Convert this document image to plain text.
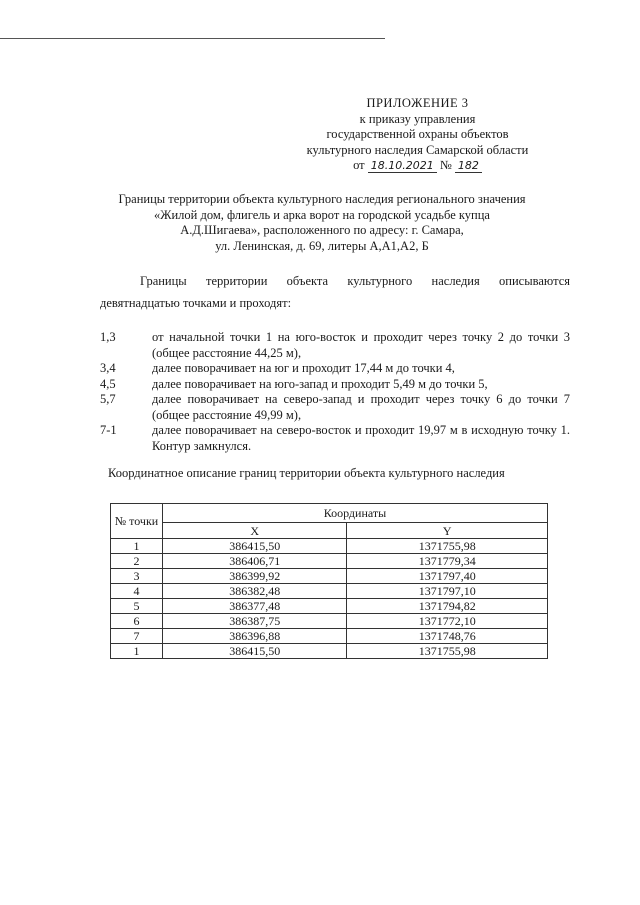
ПРИЛОЖЕНИЕ 3
к приказу управления
государственной охраны объектов
культурного наследия Самарской области
от 18.10.2021 № 182
Границы территории объекта культурного наследия регионального значения
«Жилой дом, флигель и арка ворот на городской усадьбе купца
А.Д.Шигаева», расположенного по адресу: г. Самара,
ул. Ленинская, д. 69, литеры А,А1,А2, Б
Границы территории объекта культурного наследия описываются
девятнадцатью точками и проходят:
1,3	от начальной точки 1 на юго-восток и проходит через точку 2 до точки 3 (общее расстояние 44,25 м),
3,4	далее поворачивает на юг и проходит 17,44 м до точки 4,
4,5	далее поворачивает на юго-запад и проходит 5,49 м до точки 5,
5,7	далее поворачивает на северо-запад и проходит через точку 6 до точки 7 (общее расстояние 49,99 м),
7-1	далее поворачивает на северо-восток и проходит 19,97 м в исходную точку 1. Контур замкнулся.
Координатное описание границ территории объекта культурного наследия
№ точки	Координаты	
	X	Y
1	386415,50	1371755,98
2	386406,71	1371779,34
3	386399,92	1371797,40
4	386382,48	1371797,10
5	386377,48	1371794,82
6	386387,75	1371772,10
7	386396,88	1371748,76
1	386415,50	1371755,98
